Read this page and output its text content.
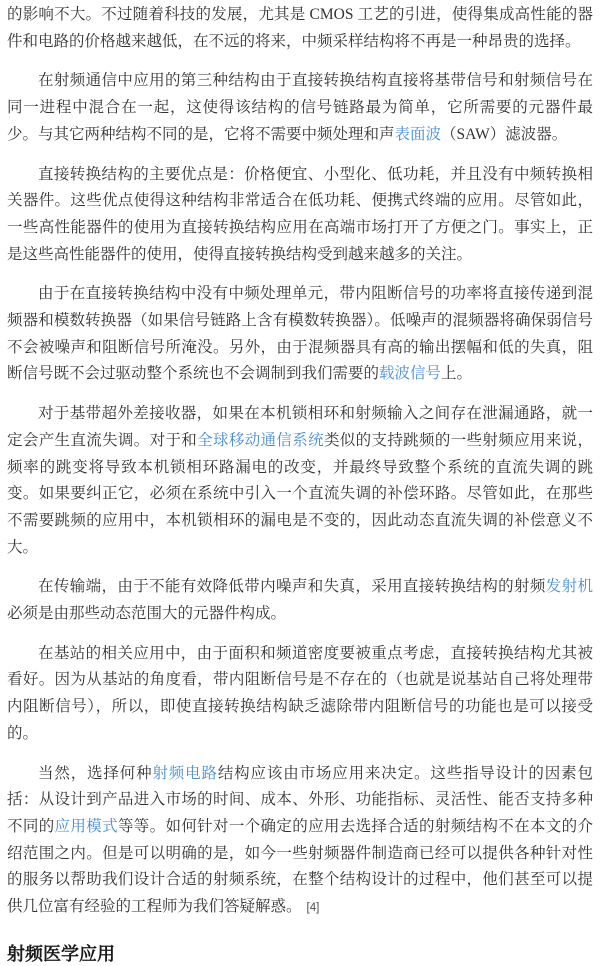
的影响不大。不过随着科技的发展，尤其是 CMOS 工艺的引进，使得集成高性能的器件和电路的价格越来越低，在不远的将来，中频采样结构将不再是一种昂贵的选择。

在射频通信中应用的第三种结构由于直接转换结构直接将基带信号和射频信号在同一进程中混合在一起，这使得该结构的信号链路最为简单，它所需要的元器件最少。与其它两种结构不同的是，它将不需要中频处理和声表面波（SAW）滤波器。

直接转换结构的主要优点是：价格便宜、小型化、低功耗，并且没有中频转换相关器件。这些优点使得这种结构非常适合在低功耗、便携式终端的应用。尽管如此，一些高性能器件的使用为直接转换结构应用在高端市场打开了方便之门。事实上，正是这些高性能器件的使用，使得直接转换结构受到越来越多的关注。

由于在直接转换结构中没有中频处理单元，带内阻断信号的功率将直接传递到混频器和模数转换器（如果信号链路上含有模数转换器）。低噪声的混频器将确保弱信号不会被噪声和阻断信号所淹没。另外，由于混频器具有高的输出摆幅和低的失真，阻断信号既不会过驱动整个系统也不会调制到我们需要的载波信号上。

对于基带超外差接收器，如果在本机锁相环和射频输入之间存在泄漏通路，就一定会产生直流失调。对于和全球移动通信系统类似的支持跳频的一些射频应用来说，频率的跳变将导致本机锁相环路漏电的改变，并最终导致整个系统的直流失调的跳变。如果要纠正它，必须在系统中引入一个直流失调的补偿环路。尽管如此，在那些不需要跳频的应用中，本机锁相环的漏电是不变的，因此动态直流失调的补偿意义不大。

在传输端，由于不能有效降低带内噪声和失真，采用直接转换结构的射频发射机必须是由那些动态范围大的元器件构成。

在基站的相关应用中，由于面积和频道密度要被重点考虑，直接转换结构尤其被看好。因为从基站的角度看，带内阻断信号是不存在的（也就是说基站自己将处理带内阻断信号），所以，即使直接转换结构缺乏滤除带内阻断信号的功能也是可以接受的。

当然，选择何种射频电路结构应该由市场应用来决定。这些指导设计的因素包括：从设计到产品进入市场的时间、成本、外形、功能指标、灵活性、能否支持多种不同的应用模式等等。如何针对一个确定的应用去选择合适的射频结构不在本文的介绍范围之内。但是可以明确的是，如今一些射频器件制造商已经可以提供各种针对性的服务以帮助我们设计合适的射频系统，在整个结构设计的过程中，他们甚至可以提供几位富有经验的工程师为我们答疑解惑。 [4]

射频医学应用
